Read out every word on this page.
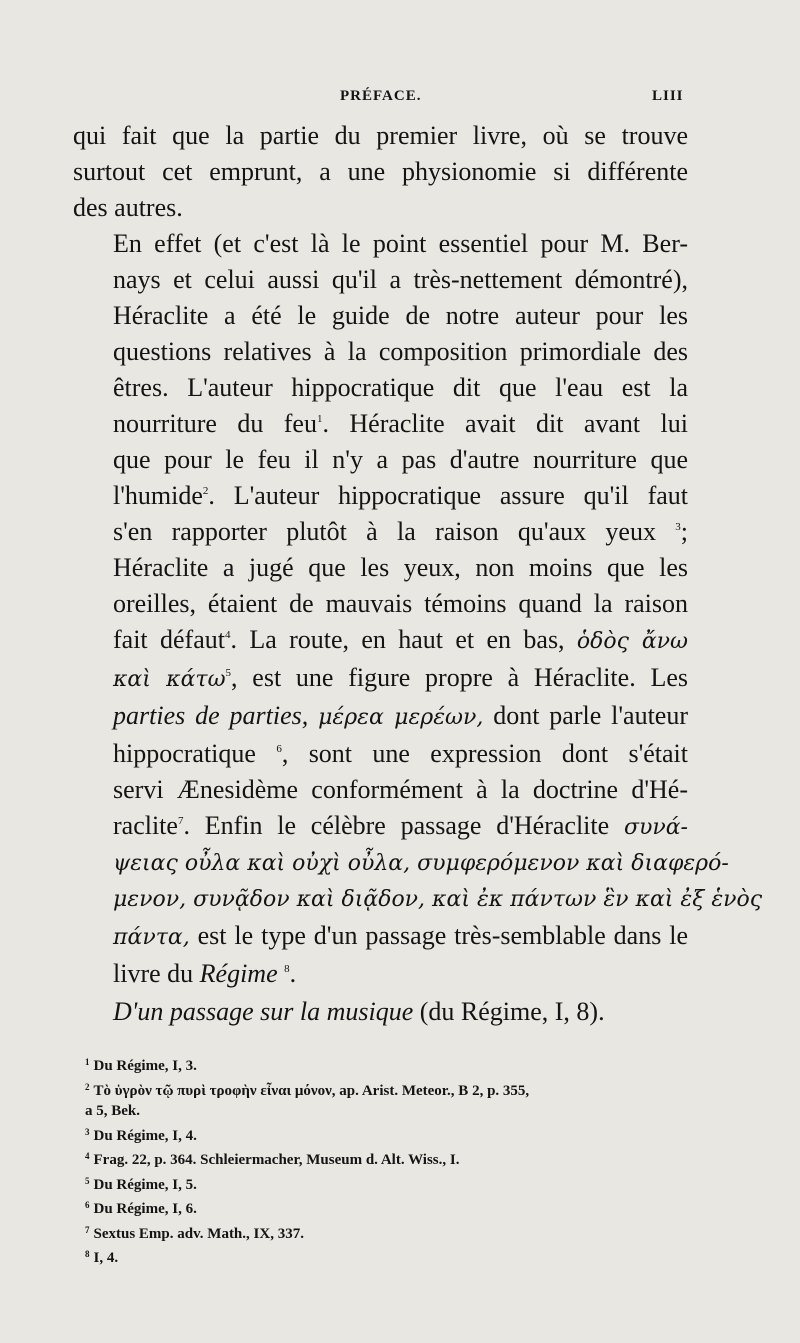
PRÉFACE.	LIII

qui fait que la partie du premier livre, où se trouve
surtout cet emprunt, a une physionomie si différente
des autres.

En effet (et c'est là le point essentiel pour M. Ber-
nays et celui aussi qu'il a très-nettement démontré),
Héraclite a été le guide de notre auteur pour les
questions relatives à la composition primordiale des
êtres. L'auteur hippocratique dit que l'eau est la
nourriture du feu$^1$. Héraclite avait dit avant lui
que pour le feu il n'y a pas d'autre nourriture que
l'humide$^2$. L'auteur hippocratique assure qu'il faut
s'en rapporter plutôt à la raison qu'aux yeux $^3$;
Héraclite a jugé que les yeux, non moins que les
oreilles, étaient de mauvais témoins quand la raison
fait défaut$^4$. La route, en haut et en bas, ὁδὸς ἄνω
καὶ κάτω$^5$, est une figure propre à Héraclite. Les
parties de parties, μέρεα μερέων, dont parle l'auteur
hippocratique $^6$, sont une expression dont s'était
servi Ænesidème conformément à la doctrine d'Hé-
raclite$^7$. Enfin le célèbre passage d'Héraclite συνά-
ψειας οὖλα καὶ οὐχὶ οὖλα, συμφερόμενον καὶ διαφερό-
μενον, συνᾷδον καὶ διᾷδον, καὶ ἐκ πάντων ἓν καὶ ἐξ ἑνὸς
πάντα, est le type d'un passage très-semblable dans le
livre du Régime $^8$.

D'un passage sur la musique (du Régime, I, 8).

$^1$ Du Régime, I, 3.
$^2$ Τὸ ὑγρὸν τῷ πυρὶ τροφὴν εἶναι μόνον, ap. Arist. Meteor., B 2, p. 355,
a 5, Bek.
$^3$ Du Régime, I, 4.
$^4$ Frag. 22, p. 364. Schleiermacher, Museum d. Alt. Wiss., I.
$^5$ Du Régime, I, 5.
$^6$ Du Régime, I, 6.
$^7$ Sextus Emp. adv. Math., IX, 337.
$^8$ I, 4.
